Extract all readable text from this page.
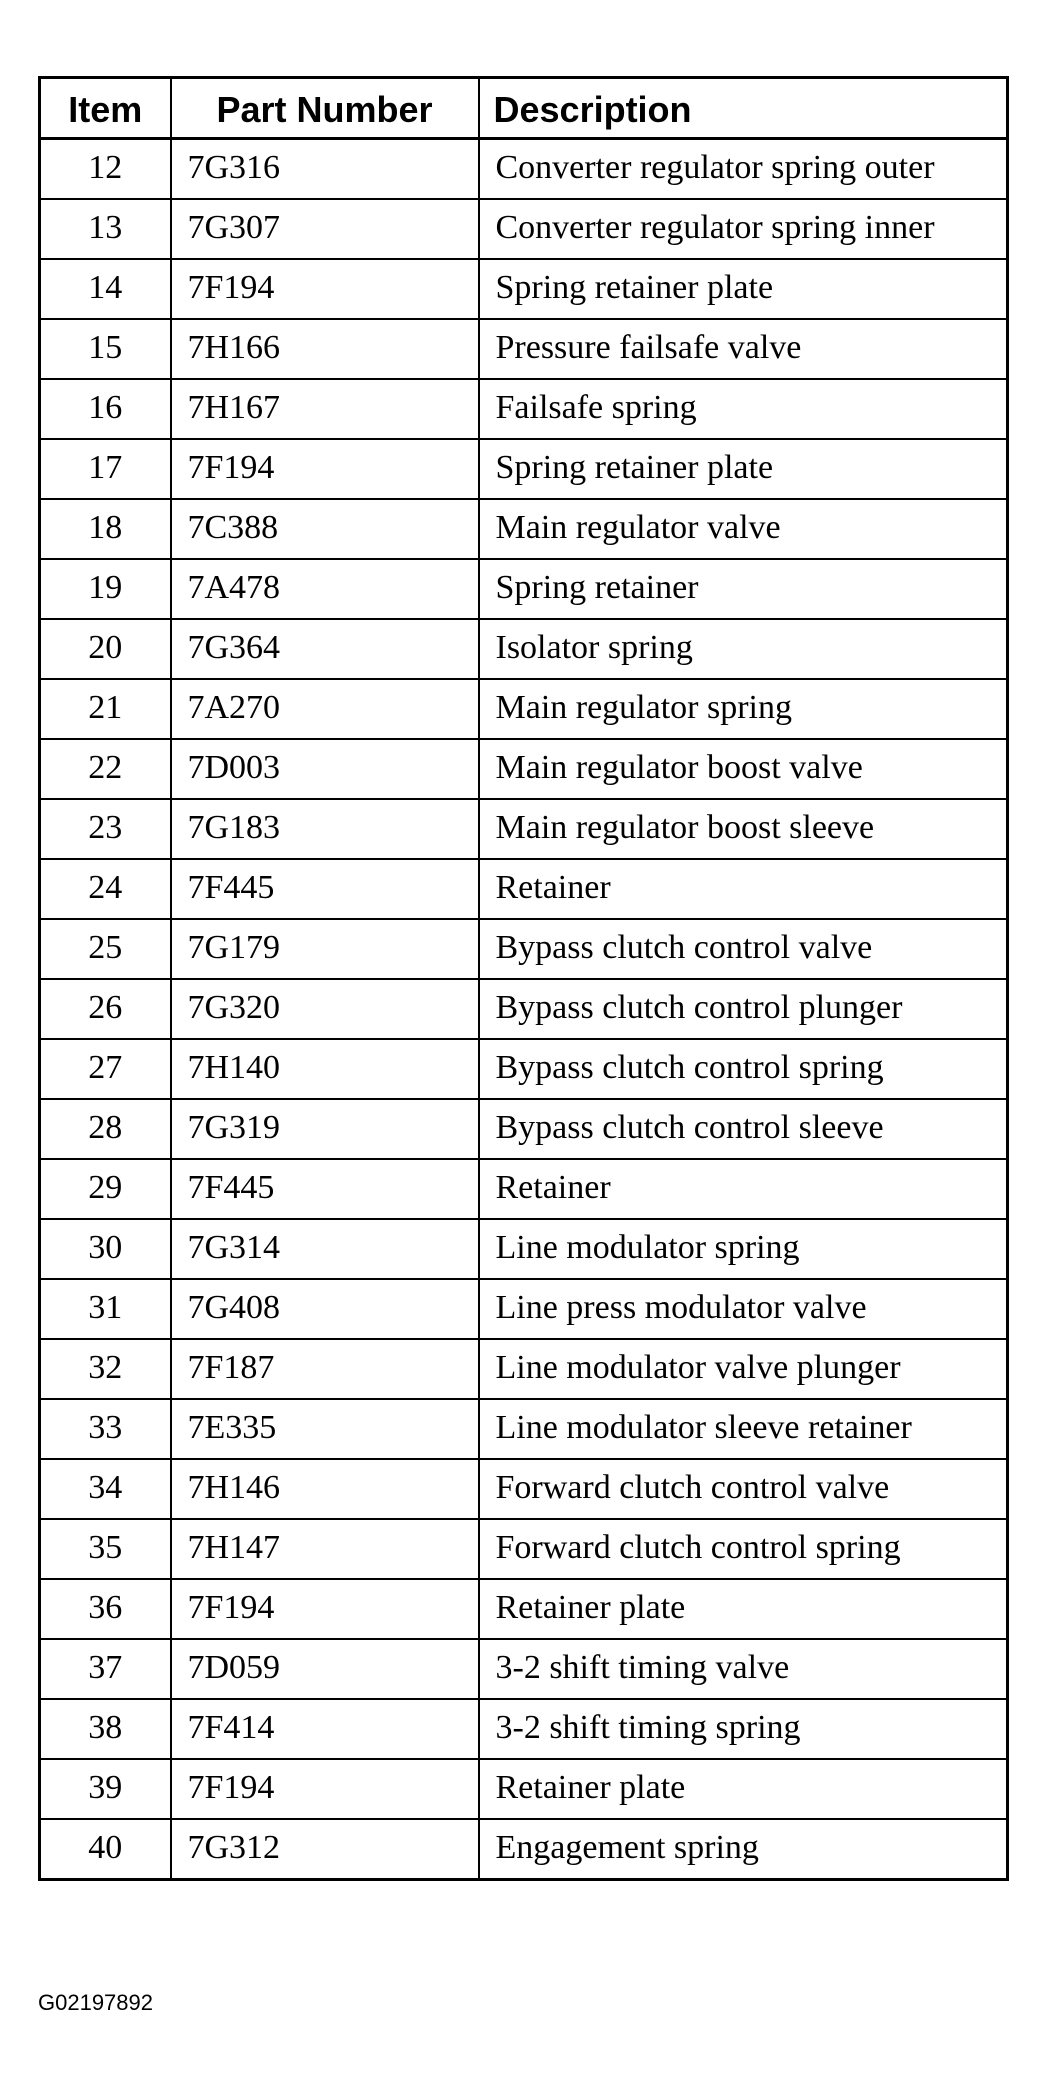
Item	Part Number	Description
12	7G316	Converter regulator spring outer
13	7G307	Converter regulator spring inner
14	7F194	Spring retainer plate
15	7H166	Pressure failsafe valve
16	7H167	Failsafe spring
17	7F194	Spring retainer plate
18	7C388	Main regulator valve
19	7A478	Spring retainer
20	7G364	Isolator spring
21	7A270	Main regulator spring
22	7D003	Main regulator boost valve
23	7G183	Main regulator boost sleeve
24	7F445	Retainer
25	7G179	Bypass clutch control valve
26	7G320	Bypass clutch control plunger
27	7H140	Bypass clutch control spring
28	7G319	Bypass clutch control sleeve
29	7F445	Retainer
30	7G314	Line modulator spring
31	7G408	Line press modulator valve
32	7F187	Line modulator valve plunger
33	7E335	Line modulator sleeve retainer
34	7H146	Forward clutch control valve
35	7H147	Forward clutch control spring
36	7F194	Retainer plate
37	7D059	3-2 shift timing valve
38	7F414	3-2 shift timing spring
39	7F194	Retainer plate
40	7G312	Engagement spring
G02197892
